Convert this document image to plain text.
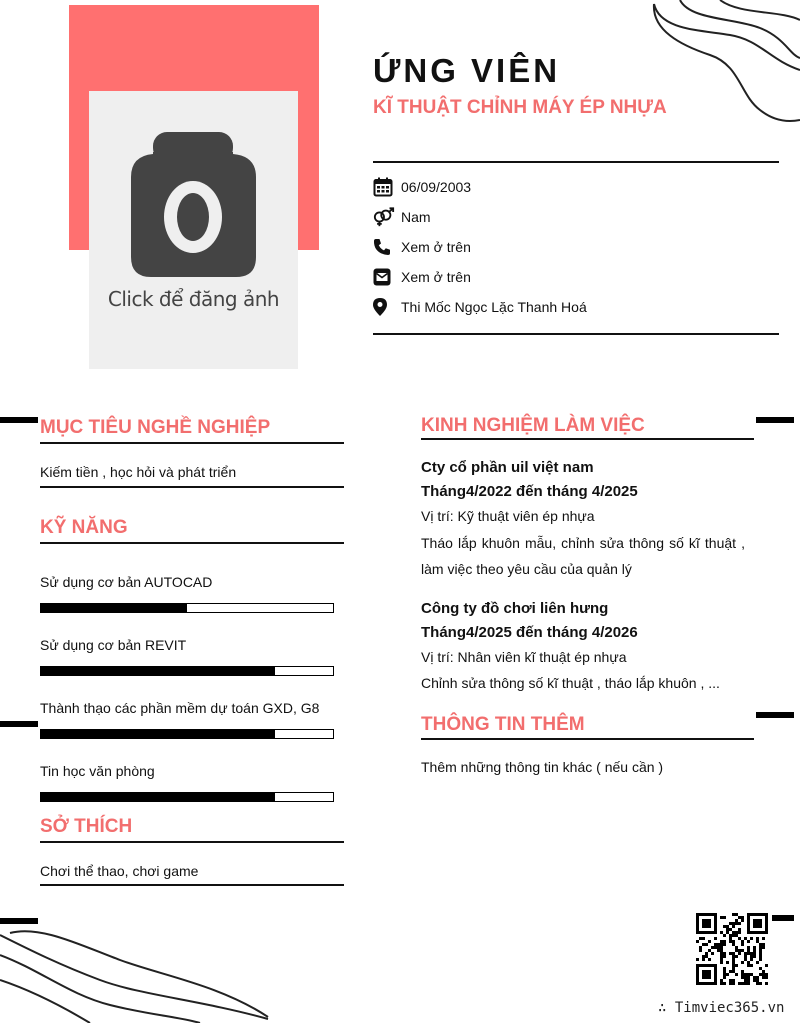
Click để đăng ảnh
ỨNG VIÊN
KĨ THUẬT CHỈNH MÁY ÉP NHỰA
06/09/2003
Nam
Xem ở trên
Xem ở trên
Thi Mốc Ngọc Lặc Thanh Hoá
MỤC TIÊU NGHỀ NGHIỆP
Kiếm tiền , học hỏi và phát triển
KỸ NĂNG
Sử dụng cơ bản AUTOCAD
Sử dụng cơ bản REVIT
Thành thạo các phần mềm dự toán GXD, G8
Tin học văn phòng
SỞ THÍCH
Chơi thể thao, chơi game
KINH NGHIỆM LÀM VIỆC
Cty cổ phần uil việt nam
Tháng4/2022 đến tháng 4/2025
Vị trí: Kỹ thuật viên ép nhựa
Tháo lắp khuôn mẫu, chỉnh sửa thông số kĩ thuật , làm việc theo yêu cầu của quản lý
Công ty đồ chơi liên hưng
Tháng4/2025 đến tháng 4/2026
Vị trí: Nhân viên kĩ thuật ép nhựa
Chỉnh sửa thông số kĩ thuật , tháo lắp khuôn , ...
THÔNG TIN THÊM
Thêm những thông tin khác ( nếu cần )
∴ Timviec365.vn
